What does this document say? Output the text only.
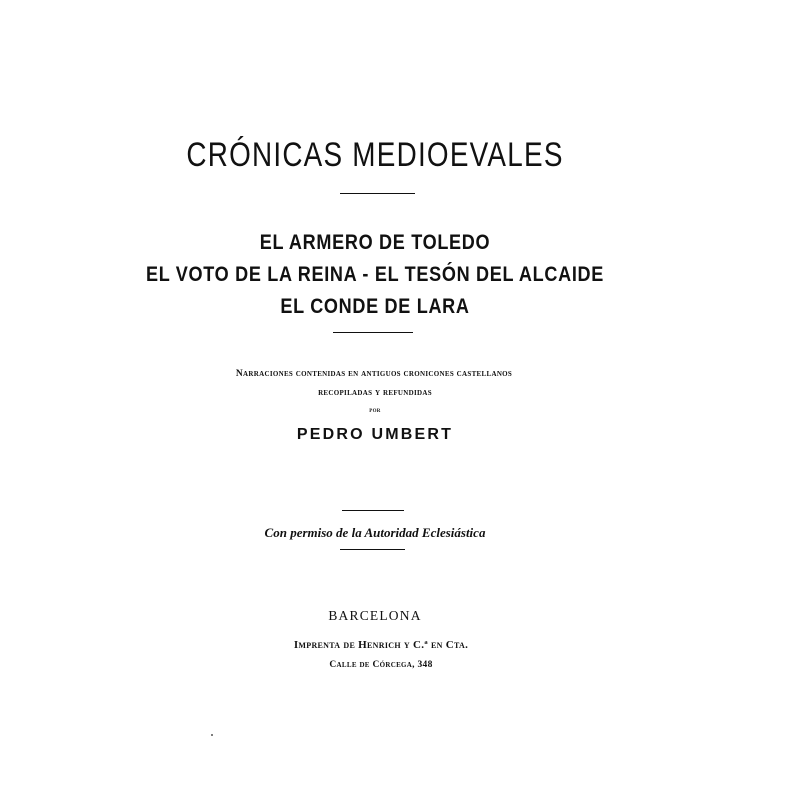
CRÓNICAS MEDIOEVALES
EL ARMERO DE TOLEDO
EL VOTO DE LA REINA - EL TESÓN DEL ALCAIDE
EL CONDE DE LARA
Narraciones contenidas en antiguos cronicones castellanos
recopiladas y refundidas
por
PEDRO UMBERT
Con permiso de la Autoridad Eclesiástica
BARCELONA
Imprenta de Henrich y C.ª en Cta.
Calle de Córcega, 348
